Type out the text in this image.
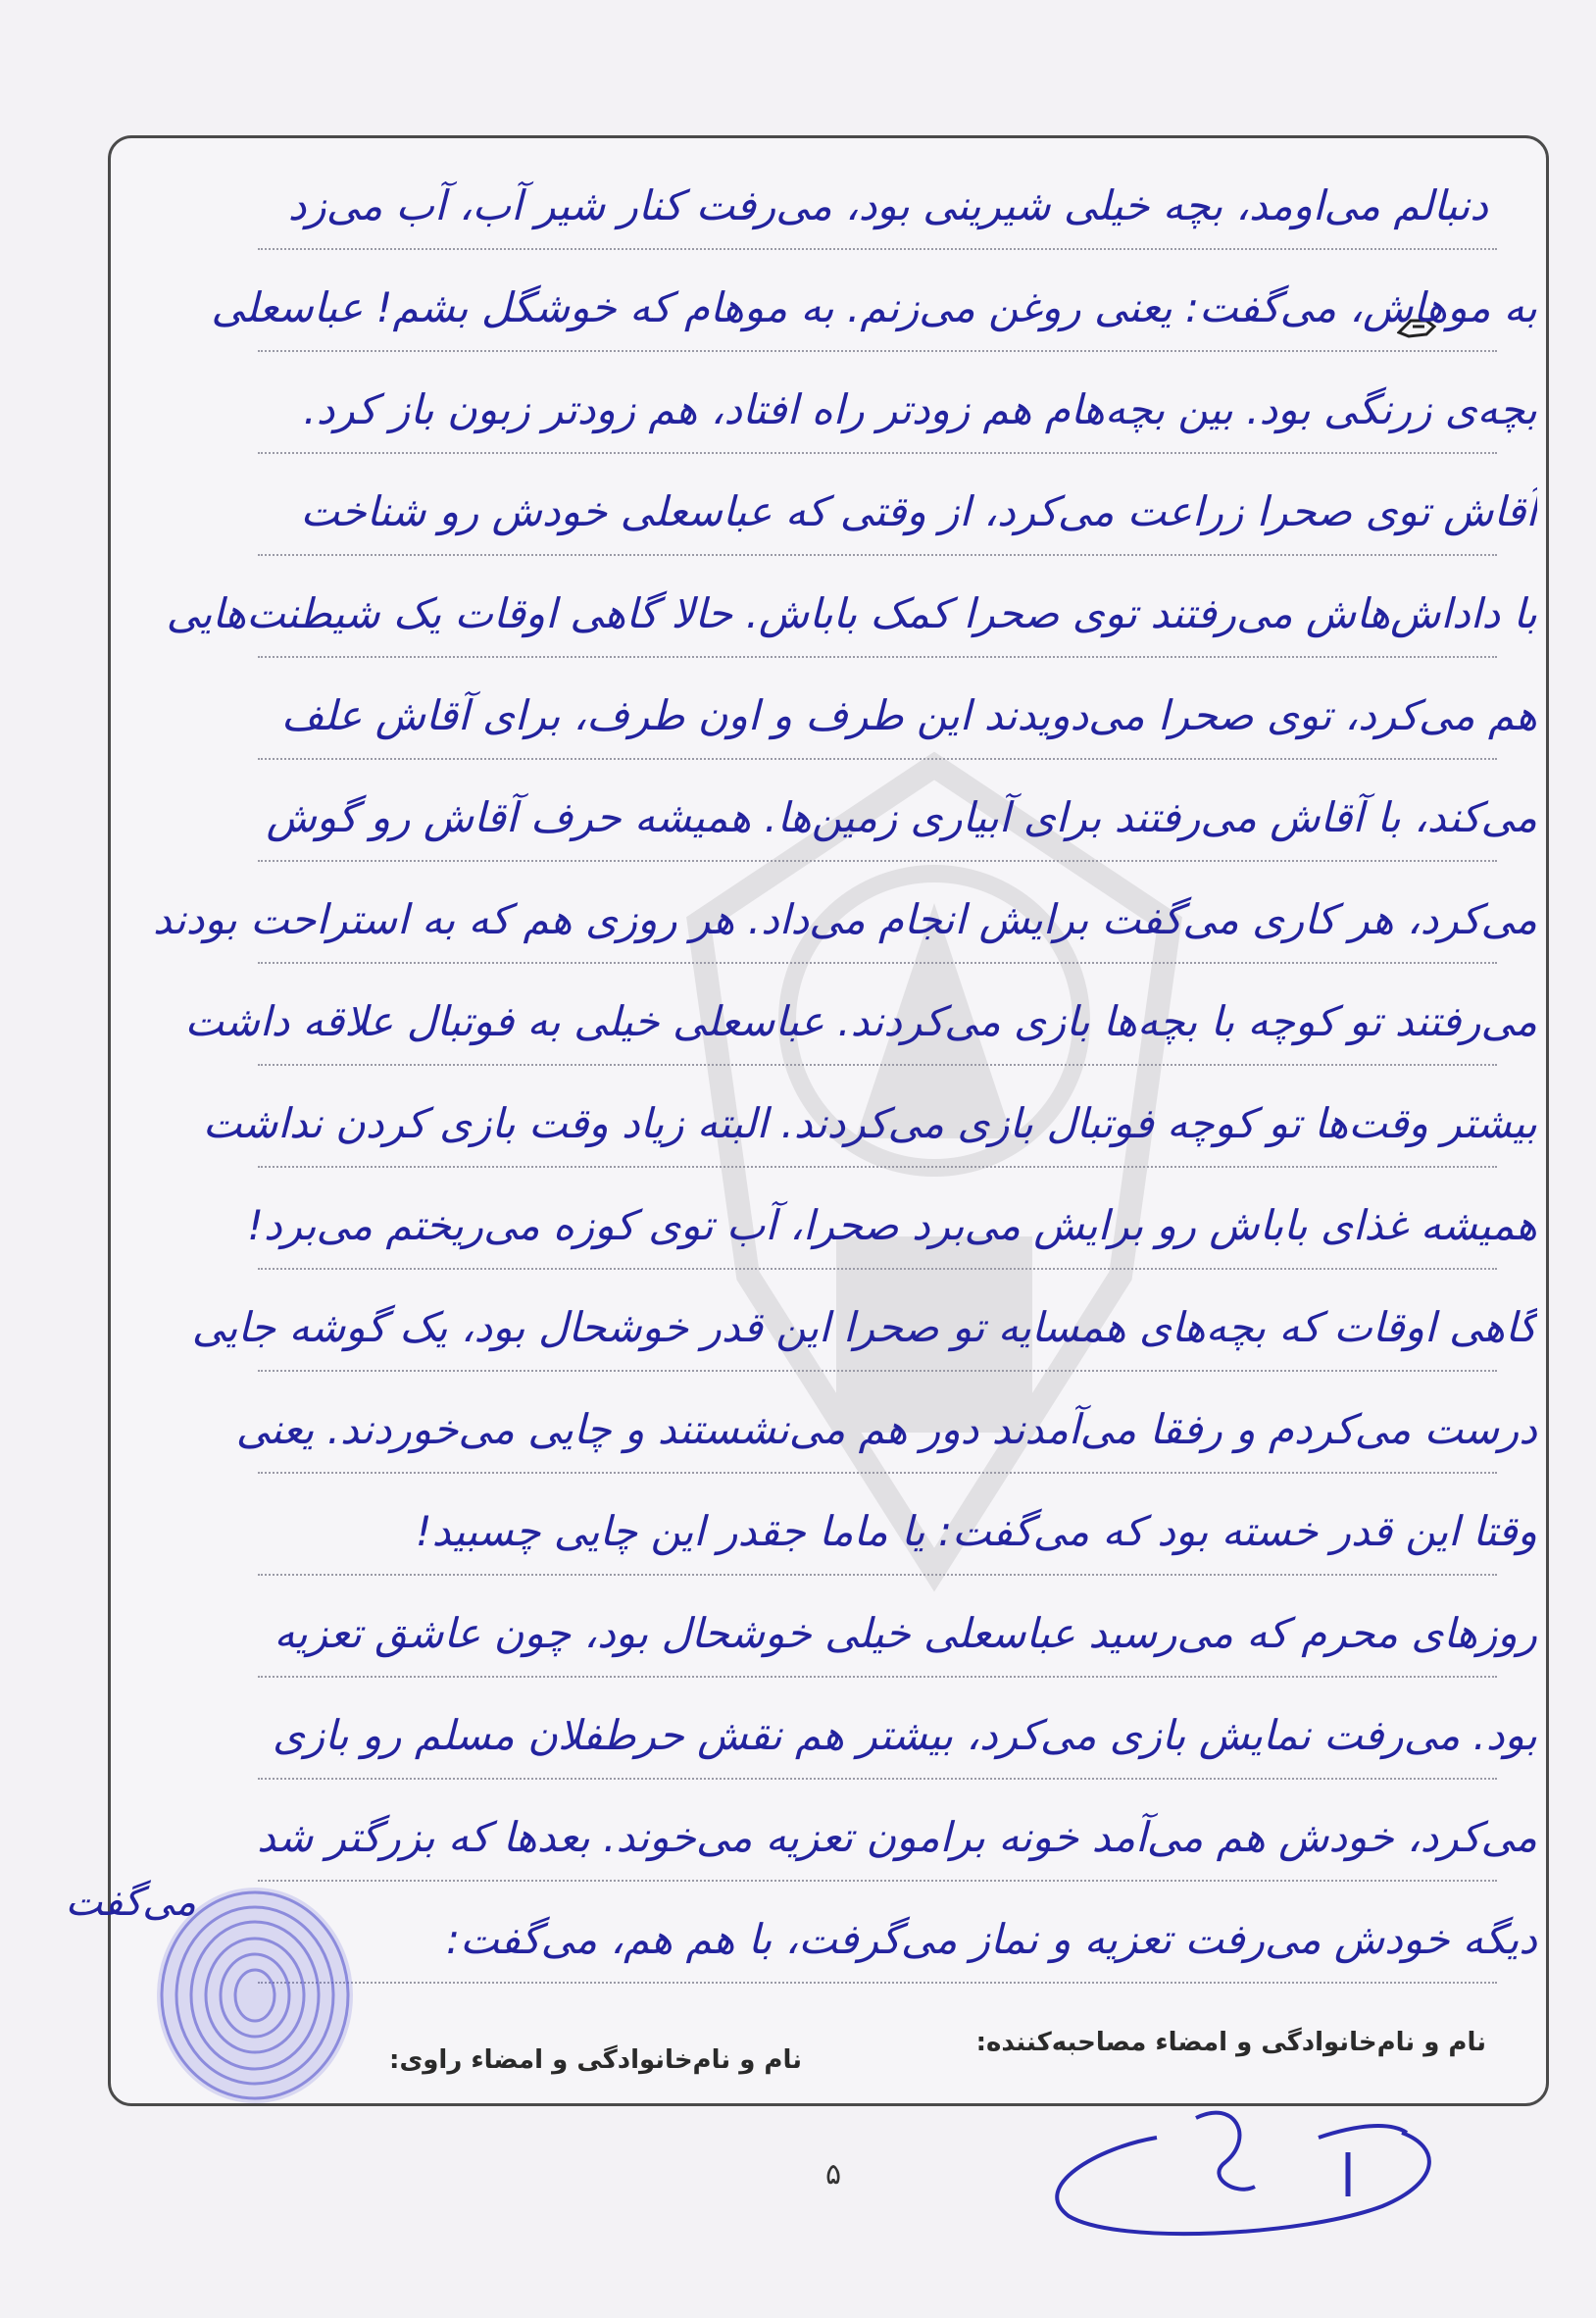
دنبالم می‌اومد، بچه خیلی شیرینی بود، می‌رفت کنار شیر آب، آب می‌زد
به موهاش، می‌گفت: یعنی روغن می‌زنم. به موهام که خوشگل بشم! عباسعلی
بچه‌ی زرنگی بود. بین بچه‌هام هم زودتر راه افتاد، هم زودتر زبون باز کرد.
آقاش توی صحرا زراعت می‌کرد، از وقتی که عباسعلی خودش رو شناخت
با داداش‌هاش می‌رفتند توی صحرا کمک باباش. حالا گاهی اوقات یک شیطنت‌هایی
هم می‌کرد، توی صحرا می‌دویدند این طرف و اون طرف، برای آقاش علف
می‌کند، با آقاش می‌رفتند برای آبیاری زمین‌ها. همیشه حرف آقاش رو گوش
می‌کرد، هر کاری می‌گفت برایش انجام می‌داد. هر روزی هم که به استراحت بودند
می‌رفتند تو کوچه با بچه‌ها بازی می‌کردند. عباسعلی خیلی به فوتبال علاقه داشت
بیشتر وقت‌ها تو کوچه فوتبال بازی می‌کردند. البته زیاد وقت بازی کردن نداشت
همیشه غذای باباش رو برایش می‌برد صحرا، آب توی کوزه می‌ریختم می‌برد!
گاهی اوقات که بچه‌های همسایه تو صحرا این قدر خوشحال بود، یک گوشه جایی
درست می‌کردم و رفقا می‌آمدند دور هم می‌نشستند و چایی می‌خوردند. یعنی
وقتا این قدر خسته بود که می‌گفت: یا ماما جقدر این چایی چسبید!
روزهای محرم که می‌رسید عباسعلی خیلی خوشحال بود، چون عاشق تعزیه
بود. می‌رفت نمایش بازی می‌کرد، بیشتر هم نقش حرطفلان مسلم رو بازی
می‌کرد، خودش هم می‌آمد خونه برامون تعزیه می‌خوند. بعدها که بزرگتر شد
دیگه خودش می‌رفت تعزیه و نماز می‌گرفت، با هم هم، می‌گفت:
می‌گفت
نام و نام‌خانوادگی و امضاء مصاحبه‌کننده:
نام و نام‌خانوادگی و امضاء راوی:
۵
